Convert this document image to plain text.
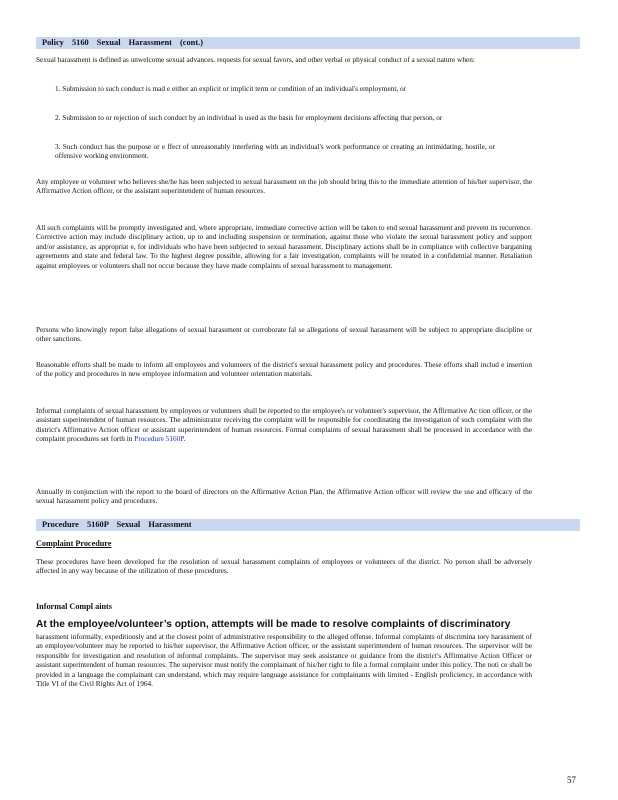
Policy 5160 Sexual Harassment (cont.)

Sexual harassment is defined as unwelcome sexual advances, requests for sexual favors, and other verbal or physical conduct of a sexual nature when:

1. Submission to such conduct is mad e either an explicit or implicit term or condition of an individual's employment, or

2. Submission to or rejection of such conduct by an individual is used as the basis for employment decisions affecting that person, or

3. Such conduct has the purpose or e ffect of unreasonably interfering with an individual's work performance or creating an intimidating, hostile, or offensive working environment.

Any employee or volunteer who believes she/he has been subjected to sexual harassment on the job should bring this to the immediate attention of his/her supervisor, the Affirmative Action officer, or the assistant superintendent of human resources.

All such complaints will be promptly investigated and, where appropriate, immediate corrective action will be taken to end sexual harassment and prevent its recurrence. Corrective action may include disciplinary action, up to and including suspension or termination, against those who violate the sexual harassment policy and support and/or assistance, as appropriat e, for individuals who have been subjected to sexual harassment. Disciplinary actions shall be in compliance with collective bargaining agreements and state and federal law. To the highest degree possible, allowing for a fair investigation, complaints will be treated in a confidential manner. Retaliation against employees or volunteers shall not occur because they have made complaints of sexual harassment to management.

Persons who knowingly report false allegations of sexual harassment or corroborate fal se allegations of sexual harassment will be subject to appropriate discipline or other sanctions.

Reasonable efforts shall be made to inform all employees and volunteers of the district's sexual harassment policy and procedures. These efforts shall includ e insertion of the policy and procedures in new employee information and volunteer orientation materials.

Informal complaints of sexual harassment by employees or volunteers shall be reported to the employee's or volunteer's supervisor, the Affirmative Ac tion officer, or the assistant superintendent of human resources. The administrator receiving the complaint will be responsible for coordinating the investigation of such complaint with the district's Affirmative Action officer or assistant superintendent of human resources. Formal complaints of sexual harassment shall be processed in accordance with the complaint procedures set forth in Procedure 5160P.

Annually in conjunction with the report to the board of directors on the Affirmative Action Plan, the Affirmative Action officer will review the use and efficacy of the sexual harassment policy and procedures.

Procedure 5160P Sexual Harassment

Complaint Procedure

These procedures have been developed for the resolution of sexual harassment complaints of employees or volunteers of the district. No person shall be adversely affected in any way because of the utilization of these procedures.

Informal Compl aints

At the employee/volunteer’s option, attempts will be made to resolve complaints of discriminatory

harassment informally, expeditiously and at the closest point of administrative responsibility to the alleged offense. Informal complaints of discrimina tory harassment of an employee/volunteer may be reported to his/her supervisor, the Affirmative Action officer, or the assistant superintendent of human resources. The supervisor will be responsible for investigation and resolution of informal complaints. The supervisor may seek assistance or guidance from the district's Affirmative Action Officer or assistant superintendent of human resources. The supervisor must notify the complainant of his/her right to file a formal complaint under this policy. The noti ce shall be provided in a language the complainant can understand, which may require language assistance for complainants with limited - English proficiency, in accordance with Title VI of the Civil Rights Act of 1964.

57
